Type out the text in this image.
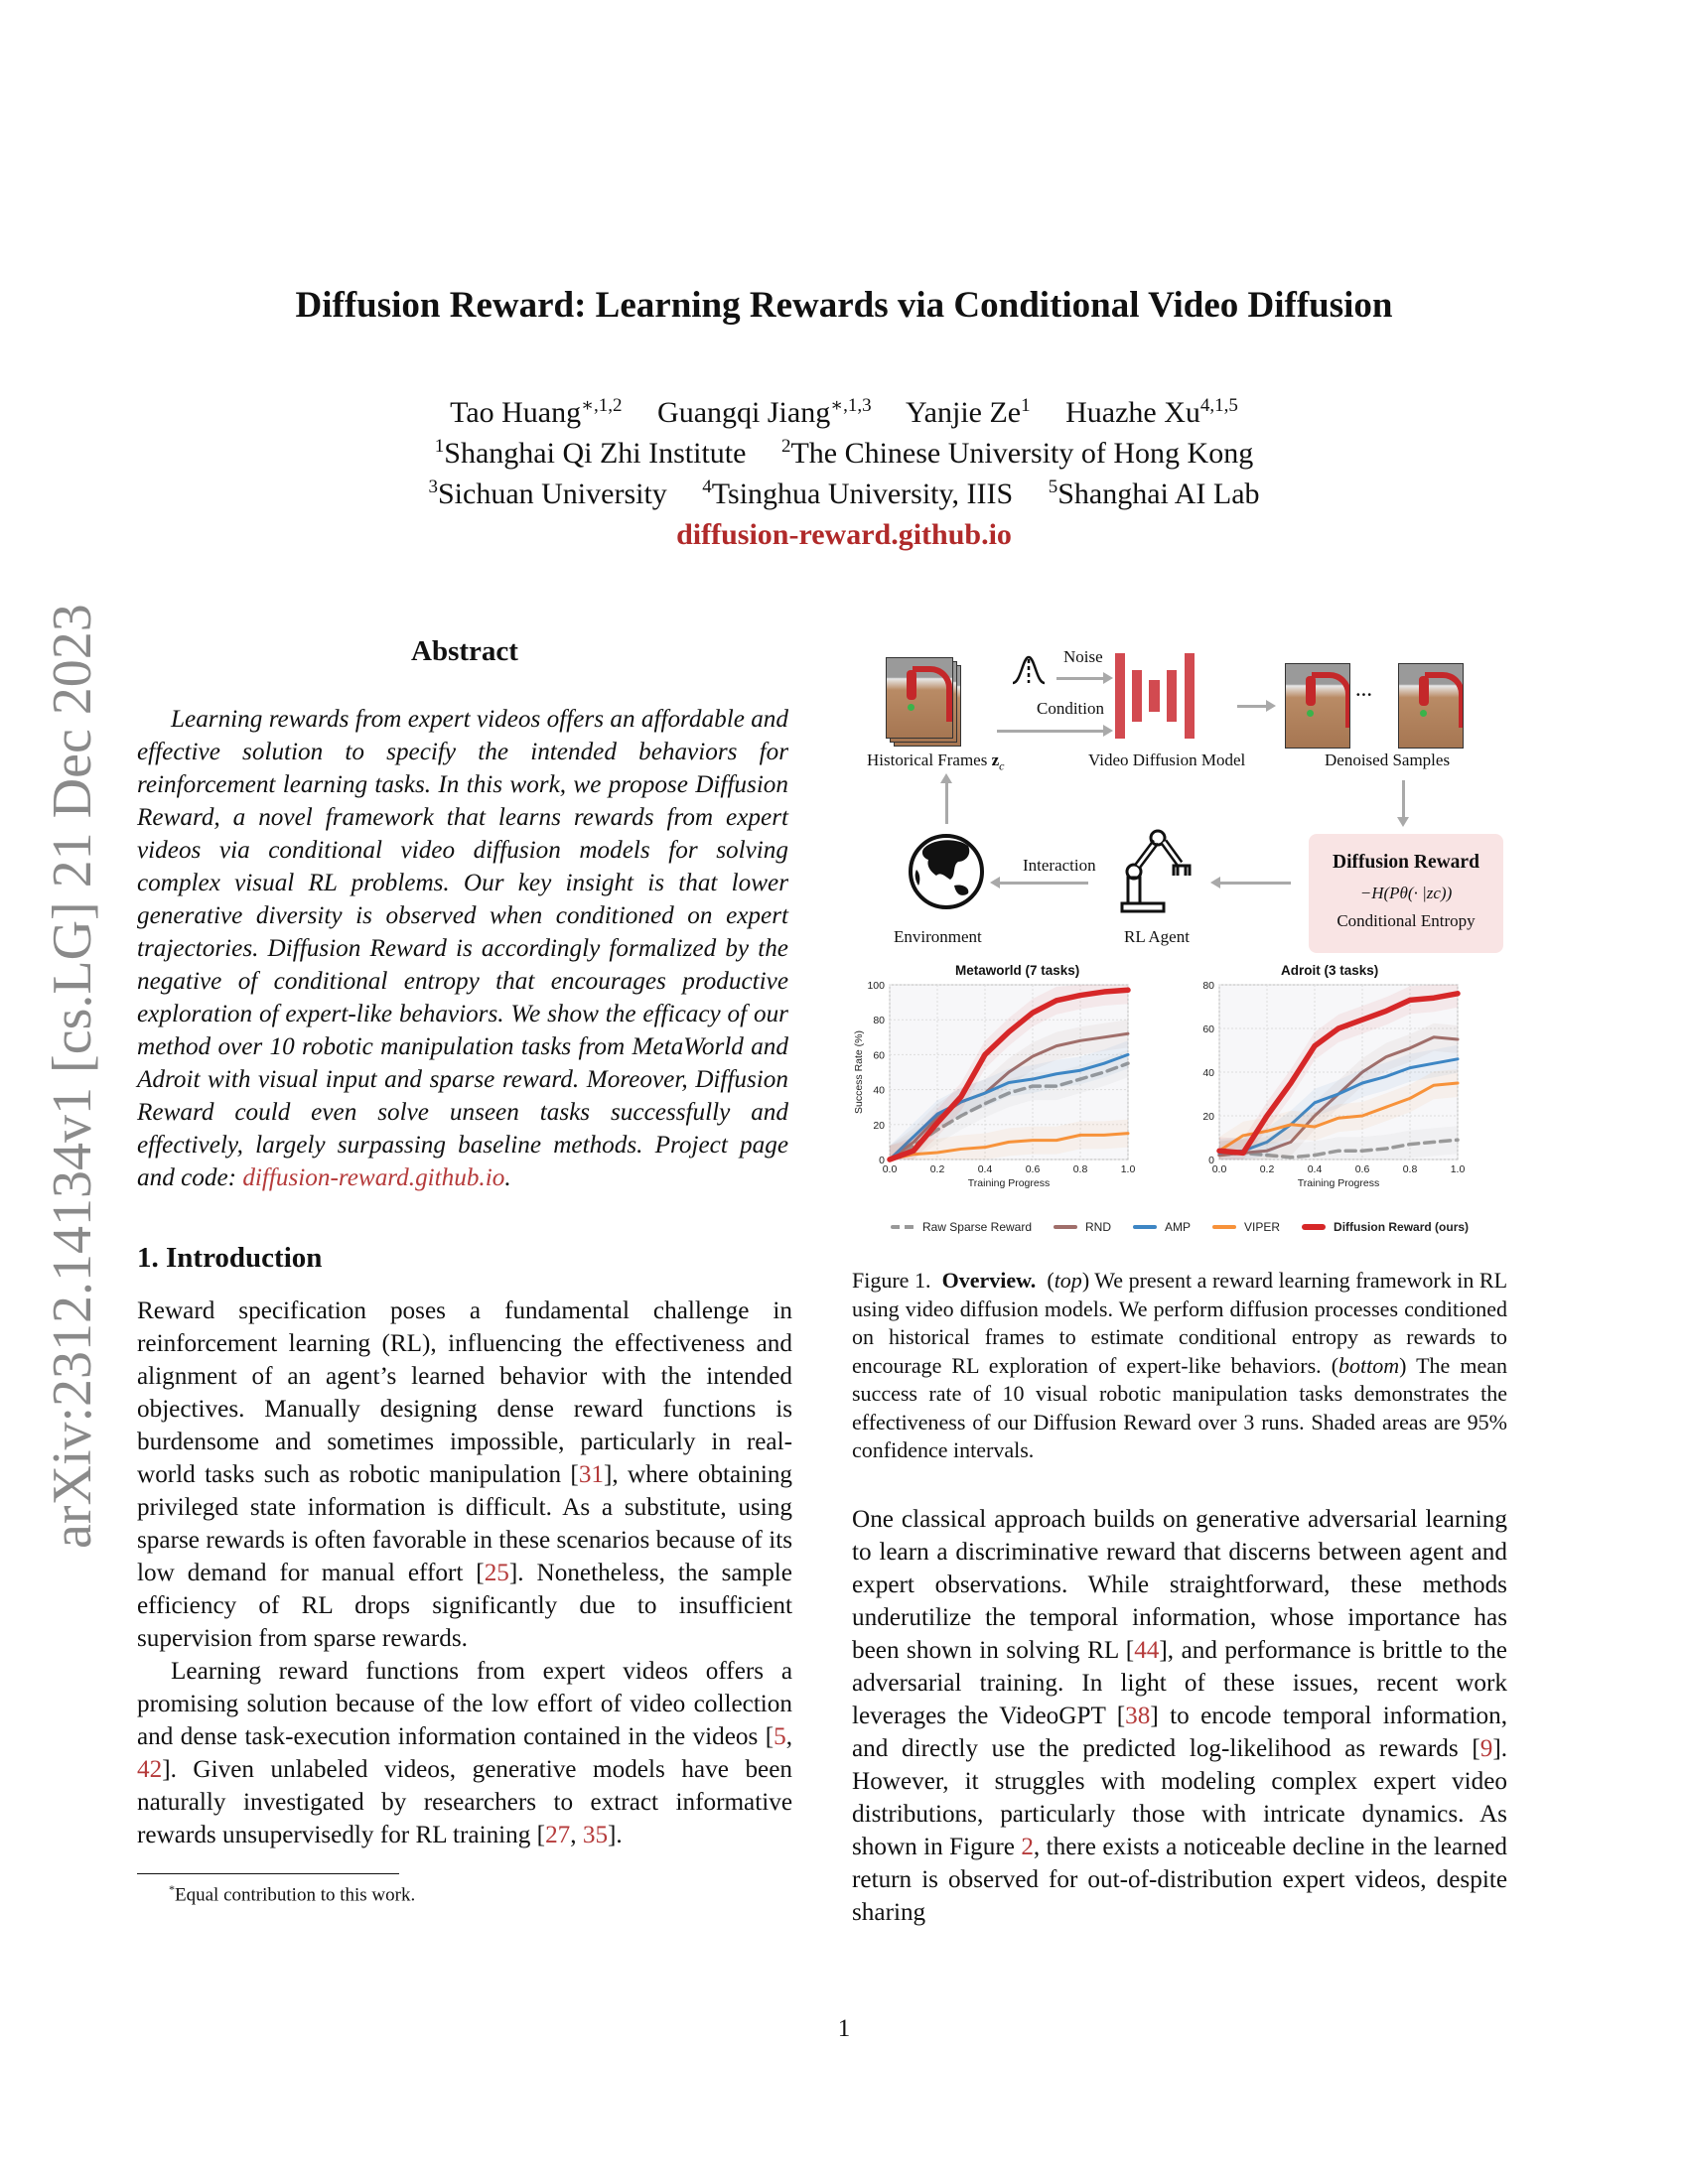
arXiv:2312.14134v1 [cs.LG] 21 Dec 2023
Diffusion Reward: Learning Rewards via Conditional Video Diffusion
Tao Huang$^{∗,1,2}$ Guangqi Jiang$^{∗,1,3}$ Yanjie Ze$^1$ Huazhe Xu$^{4,1,5}$
$^1$Shanghai Qi Zhi Institute $^2$The Chinese University of Hong Kong
$^3$Sichuan University $^4$Tsinghua University, IIIS $^5$Shanghai AI Lab
diffusion-reward.github.io
Abstract

Learning rewards from expert videos offers an affordable and effective solution to specify the intended behaviors for reinforcement learning tasks. In this work, we propose Diffusion Reward, a novel framework that learns rewards from expert videos via conditional video diffusion models for solving complex visual RL problems. Our key insight is that lower generative diversity is observed when conditioned on expert trajectories. Diffusion Reward is accordingly formalized by the negative of conditional entropy that encourages productive exploration of expert-like behaviors. We show the efficacy of our method over 10 robotic manipulation tasks from MetaWorld and Adroit with visual input and sparse reward. Moreover, Diffusion Reward could even solve unseen tasks successfully and effectively, largely surpassing baseline methods. Project page and code: diffusion-reward.github.io.

1. Introduction

Reward specification poses a fundamental challenge in reinforcement learning (RL), influencing the effectiveness and alignment of an agent’s learned behavior with the intended objectives. Manually designing dense reward functions is burdensome and sometimes impossible, particularly in real-world tasks such as robotic manipulation [31], where obtaining privileged state information is difficult. As a substitute, using sparse rewards is often favorable in these scenarios because of its low demand for manual effort [25]. Nonetheless, the sample efficiency of RL drops significantly due to insufficient supervision from sparse rewards.

Learning reward functions from expert videos offers a promising solution because of the low effort of video collection and dense task-execution information contained in the videos [5, 42]. Given unlabeled videos, generative models have been naturally investigated by researchers to extract informative rewards unsupervisedly for RL training [27, 35].

*Equal contribution to this work.
Noise
Condition
···
Historical Frames $z_c$	Video Diffusion Model	Denoised Samples
Interaction	Diffusion Reward
−H(Pθ(· |zc))
Conditional Entropy
Environment	RL Agent
Metaworld (7 tasks)	Adroit (3 tasks)
0.0	0.2	0.4	0.6	0.8	1.0
0
20
40
60
80
100
Training Progress
Success Rate (%)
0.0	0.2	0.4	0.6	0.8	1.0
0
20
40
60
80
Training Progress
Raw Sparse Reward	RND	AMP	VIPER	Diffusion Reward (ours)

Figure 1. Overview.  (top) We present a reward learning framework in RL using video diffusion models. We perform diffusion processes conditioned on historical frames to estimate conditional entropy as rewards to encourage RL exploration of expert-like behaviors. (bottom) The mean success rate of 10 visual robotic manipulation tasks demonstrates the effectiveness of our Diffusion Reward over 3 runs. Shaded areas are 95% confidence intervals.

One classical approach builds on generative adversarial learning to learn a discriminative reward that discerns between agent and expert observations. While straightforward, these methods underutilize the temporal information, whose importance has been shown in solving RL [44], and performance is brittle to the adversarial training. In light of these issues, recent work leverages the VideoGPT [38] to encode temporal information, and directly use the predicted log-likelihood as rewards [9]. However, it struggles with modeling complex expert video distributions, particularly those with intricate dynamics. As shown in Figure 2, there exists a noticeable decline in the learned return is observed for out-of-distribution expert videos, despite sharing

1
